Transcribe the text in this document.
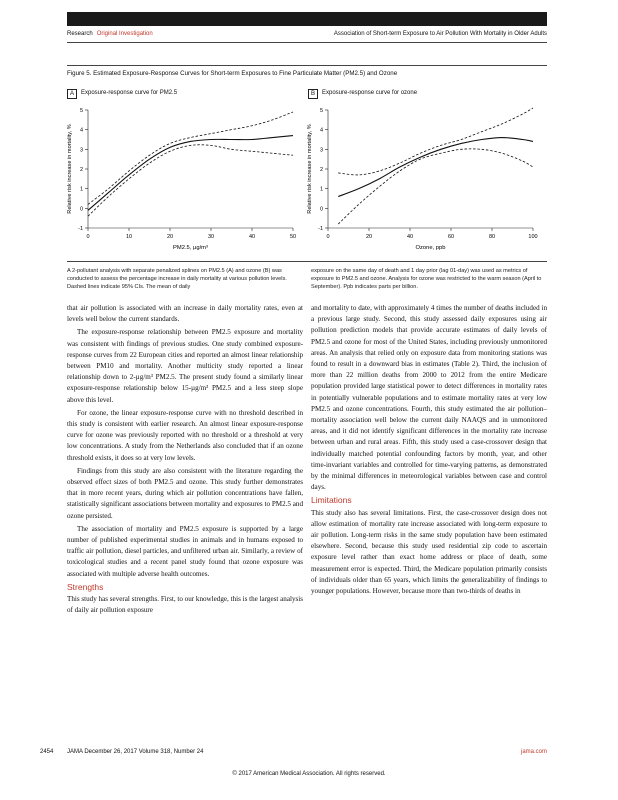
Research Original Investigation	Association of Short-term Exposure to Air Pollution With Mortality in Older Adults
Figure 5. Estimated Exposure-Response Curves for Short-term Exposures to Fine Particulate Matter (PM2.5) and Ozone
A	Exposure-response curve for PM2.5	B	Exposure-response curve for ozone
-1
0
1
2
3
4
5
0	10	20	30	40	50
PM2.5, µg/m³
Relative risk increase in mortality, %
-1
0
1
2
3
4
5
0	20	40	60	80	100
Ozone, ppb
Relative risk increase in mortality, %
A 2-pollutant analysis with separate penalized splines on PM2.5 (A) and ozone (B) was conducted to assess the percentage increase in daily mortality at various pollution levels. Dashed lines indicate 95% CIs. The mean of daily
exposure on the same day of death and 1 day prior (lag 01-day) was used as metrics of exposure to PM2.5 and ozone. Analysis for ozone was restricted to the warm season (April to September). Ppb indicates parts per billion.

that air pollution is associated with an increase in daily mortality rates, even at levels well below the current standards.

The exposure-response relationship between PM2.5 exposure and mortality was consistent with findings of previous studies. One study combined exposure-response curves from 22 European cities and reported an almost linear relationship between PM10 and mortality. Another multicity study reported a linear relationship down to 2-µg/m³ PM2.5. The present study found a similarly linear exposure-response relationship below 15-µg/m³ PM2.5 and a less steep slope above this level.

For ozone, the linear exposure-response curve with no threshold described in this study is consistent with earlier research. An almost linear exposure-response curve for ozone was previously reported with no threshold or a threshold at very low concentrations. A study from the Netherlands also concluded that if an ozone threshold exists, it does so at very low levels.

Findings from this study are also consistent with the literature regarding the observed effect sizes of both PM2.5 and ozone. This study further demonstrates that in more recent years, during which air pollution concentrations have fallen, statistically significant associations between mortality and exposures to PM2.5 and ozone persisted.

The association of mortality and PM2.5 exposure is supported by a large number of published experimental studies in animals and in humans exposed to traffic air pollution, diesel particles, and unfiltered urban air. Similarly, a review of toxicological studies and a recent panel study found that ozone exposure was associated with multiple adverse health outcomes.

Strengths

This study has several strengths. First, to our knowledge, this is the largest analysis of daily air pollution exposure

and mortality to date, with approximately 4 times the number of deaths included in a previous large study. Second, this study assessed daily exposures using air pollution prediction models that provide accurate estimates of daily levels of PM2.5 and ozone for most of the United States, including previously unmonitored areas. An analysis that relied only on exposure data from monitoring stations was found to result in a downward bias in estimates (Table 2). Third, the inclusion of more than 22 million deaths from 2000 to 2012 from the entire Medicare population provided large statistical power to detect differences in mortality rates in potentially vulnerable populations and to estimate mortality rates at very low PM2.5 and ozone concentrations. Fourth, this study estimated the air pollution–mortality association well below the current daily NAAQS and in unmonitored areas, and it did not identify significant differences in the mortality rate increase between urban and rural areas. Fifth, this study used a case-crossover design that individually matched potential confounding factors by month, year, and other time-invariant variables and controlled for time-varying patterns, as demonstrated by the minimal differences in meteorological variables between case and control days.

Limitations

This study also has several limitations. First, the case-crossover design does not allow estimation of mortality rate increase associated with long-term exposure to air pollution. Long-term risks in the same study population have been estimated elsewhere. Second, because this study used residential zip code to ascertain exposure level rather than exact home address or place of death, some measurement error is expected. Third, the Medicare population primarily consists of individuals older than 65 years, which limits the generalizability of findings to younger populations. However, because more than two-thirds of deaths in

2454 JAMA December 26, 2017 Volume 318, Number 24	jama.com
© 2017 American Medical Association. All rights reserved.
